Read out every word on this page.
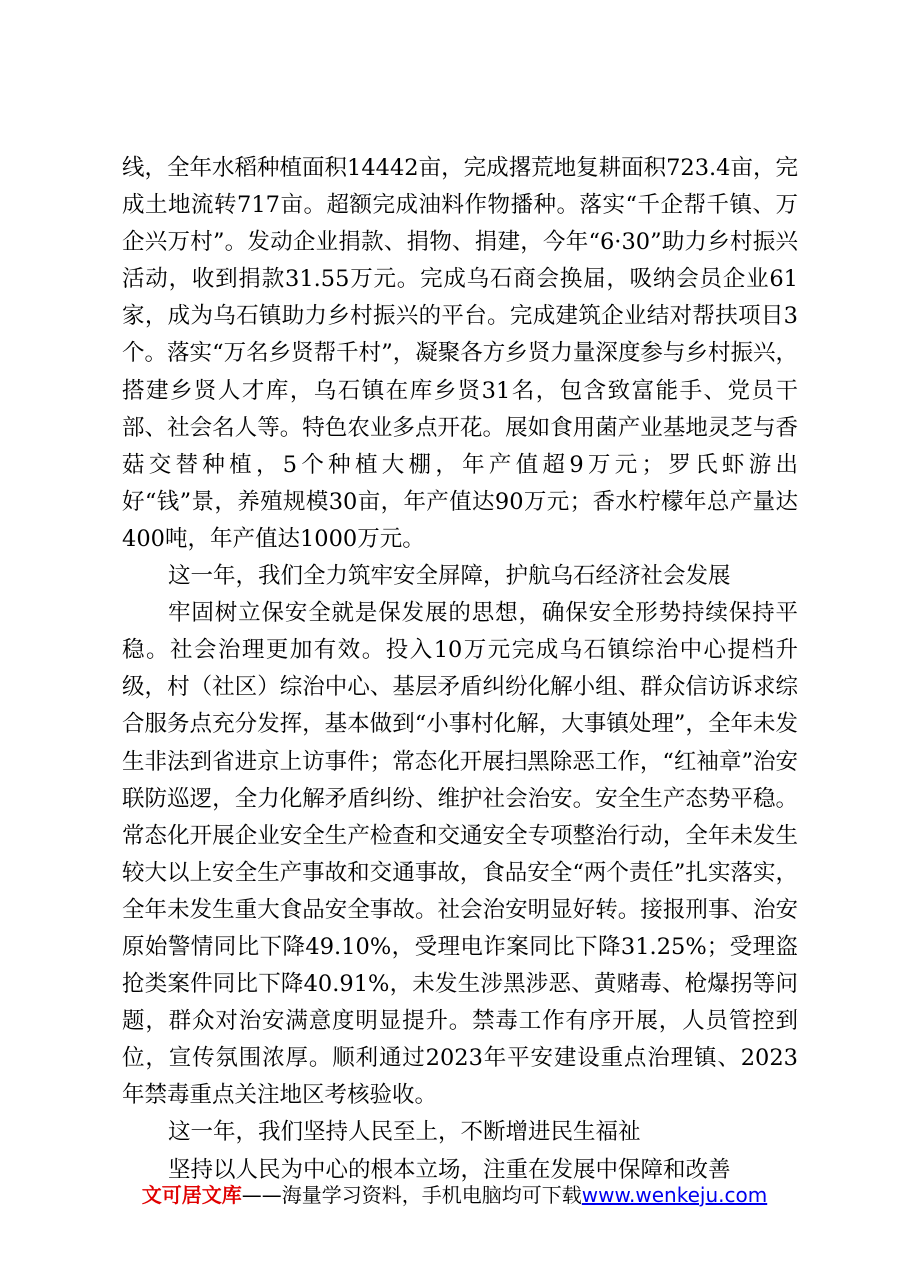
线，全年水稻种植面积14442亩，完成撂荒地复耕面积723.4亩，完成土地流转717亩。超额完成油料作物播种。落实“千企帮千镇、万企兴万村”。发动企业捐款、捐物、捐建，今年“6·30”助力乡村振兴活动，收到捐款31.55万元。完成乌石商会换届，吸纳会员企业61家，成为乌石镇助力乡村振兴的平台。完成建筑企业结对帮扶项目3个。落实“万名乡贤帮千村”，凝聚各方乡贤力量深度参与乡村振兴，搭建乡贤人才库，乌石镇在库乡贤31名，包含致富能手、党员干部、社会名人等。特色农业多点开花。展如食用菌产业基地灵芝与香菇交替种植，5个种植大棚，年产值超9万元；罗氏虾游出好“钱”景，养殖规模30亩，年产值达90万元；香水柠檬年总产量达400吨，年产值达1000万元。

这一年，我们全力筑牢安全屏障，护航乌石经济社会发展

牢固树立保安全就是保发展的思想，确保安全形势持续保持平稳。社会治理更加有效。投入10万元完成乌石镇综治中心提档升级，村（社区）综治中心、基层矛盾纠纷化解小组、群众信访诉求综合服务点充分发挥，基本做到“小事村化解，大事镇处理”，全年未发生非法到省进京上访事件；常态化开展扫黑除恶工作，“红袖章”治安联防巡逻，全力化解矛盾纠纷、维护社会治安。安全生产态势平稳。常态化开展企业安全生产检查和交通安全专项整治行动，全年未发生较大以上安全生产事故和交通事故，食品安全“两个责任”扎实落实，全年未发生重大食品安全事故。社会治安明显好转。接报刑事、治安原始警情同比下降49.10%，受理电诈案同比下降31.25%；受理盗抢类案件同比下降40.91%，未发生涉黑涉恶、黄赌毒、枪爆拐等问题，群众对治安满意度明显提升。禁毒工作有序开展，人员管控到位，宣传氛围浓厚。顺利通过2023年平安建设重点治理镇、2023年禁毒重点关注地区考核验收。

这一年，我们坚持人民至上，不断增进民生福祉

坚持以人民为中心的根本立场，注重在发展中保障和改善

文可居文库——海量学习资料，手机电脑均可下载www.wenkeju.com
